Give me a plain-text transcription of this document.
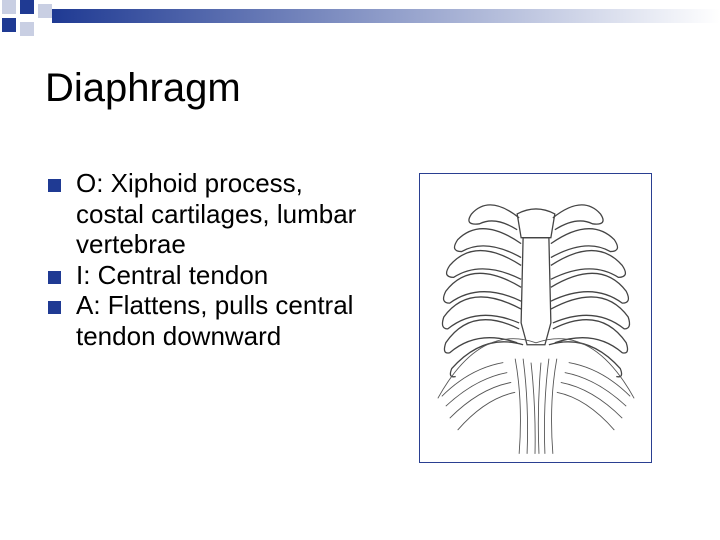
Diaphragm
O: Xiphoid process, costal cartilages, lumbar vertebrae
I: Central tendon
A: Flattens, pulls central tendon downward
